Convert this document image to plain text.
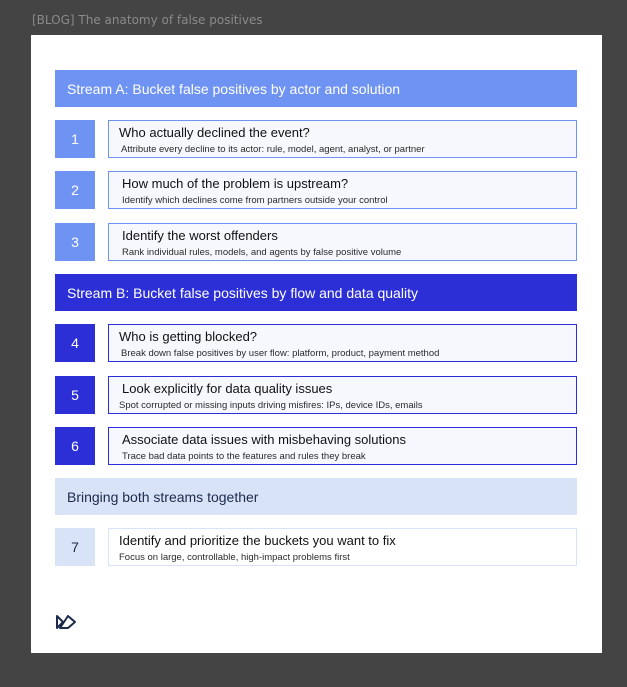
[BLOG] The anatomy of false positives
Stream A: Bucket false positives by actor and solution
1	Who actually declined the event?
Attribute every decline to its actor: rule, model, agent, analyst, or partner
2	How much of the problem is upstream?
Identify which declines come from partners outside your control
3	Identify the worst offenders
Rank individual rules, models, and agents by false positive volume
Stream B: Bucket false positives by flow and data quality
4	Who is getting blocked?
Break down false positives by user flow: platform, product, payment method
5	Look explicitly for data quality issues
Spot corrupted or missing inputs driving misfires: IPs, device IDs, emails
6	Associate data issues with misbehaving solutions
Trace bad data points to the features and rules they break
Bringing both streams together
7	Identify and prioritize the buckets you want to fix
Focus on large, controllable, high-impact problems first
